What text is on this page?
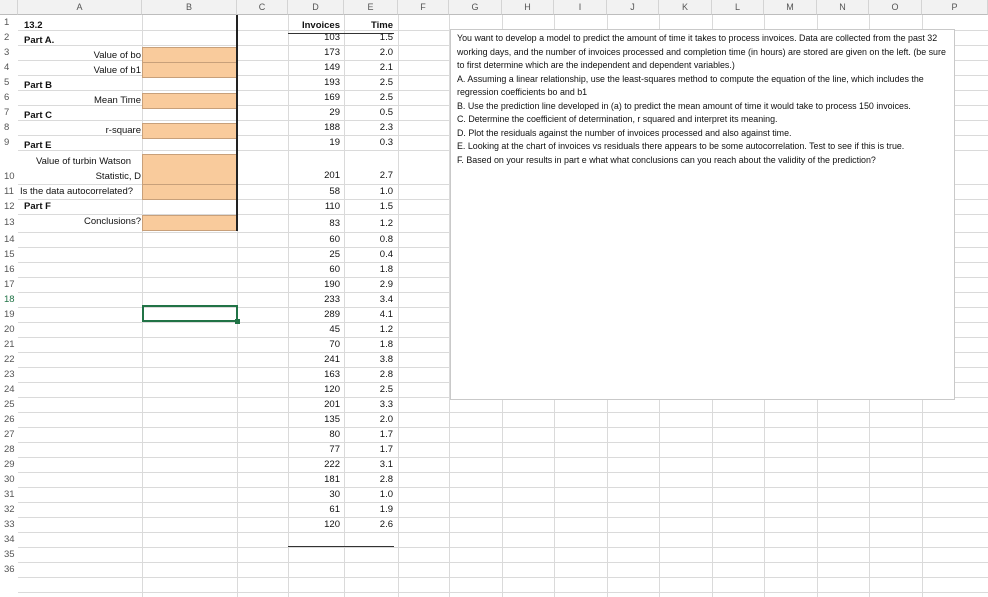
A	B	C	D	E	F	G	H	I	J	K	L	M	N	O	P
1
2
3
4
5
6
7
8
9
10
11
12
13
14
15
16
17
18
19
20
21
22
23
24
25
26
27
28
29
30
31
32
33
34
35
36
13.2
Part A.
Value of bo
Value of b1
Part B
Mean Time
Part C
r-square
Part E
Value of turbin Watson
Statistic, D
Is the data autocorrelated?
Part F
Conclusions?
Invoices	Time
103	1.5
173	2.0
149	2.1
193	2.5
169	2.5
29	0.5
188	2.3
19	0.3
201	2.7
58	1.0
110	1.5
83	1.2
60	0.8
25	0.4
60	1.8
190	2.9
233	3.4
289	4.1
45	1.2
70	1.8
241	3.8
163	2.8
120	2.5
201	3.3
135	2.0
80	1.7
77	1.7
222	3.1
181	2.8
30	1.0
61	1.9
120	2.6
You want to develop a model to predict the amount of time it takes to process invoices. Data are collected from the past 32 working days, and the number of invoices processed and completion time (in hours) are stored are given on the left. (be sure to first determine which are the independent and dependent variables.)
A. Assuming a linear relationship, use the least-squares method to compute the equation of the line, which includes the regression coefficients bo and b1
B. Use the prediction line developed in (a) to predict the mean amount of time it would take to process 150 invoices.
C. Determine the coefficient of determination, r squared and interpret its meaning.
D. Plot the residuals against the number of invoices processed and also against time.
E. Looking at the chart of invoices vs residuals there appears to be some autocorrelation. Test to see if this is true.
F. Based on your results in part e what what conclusions can you reach about the validity of the prediction?
